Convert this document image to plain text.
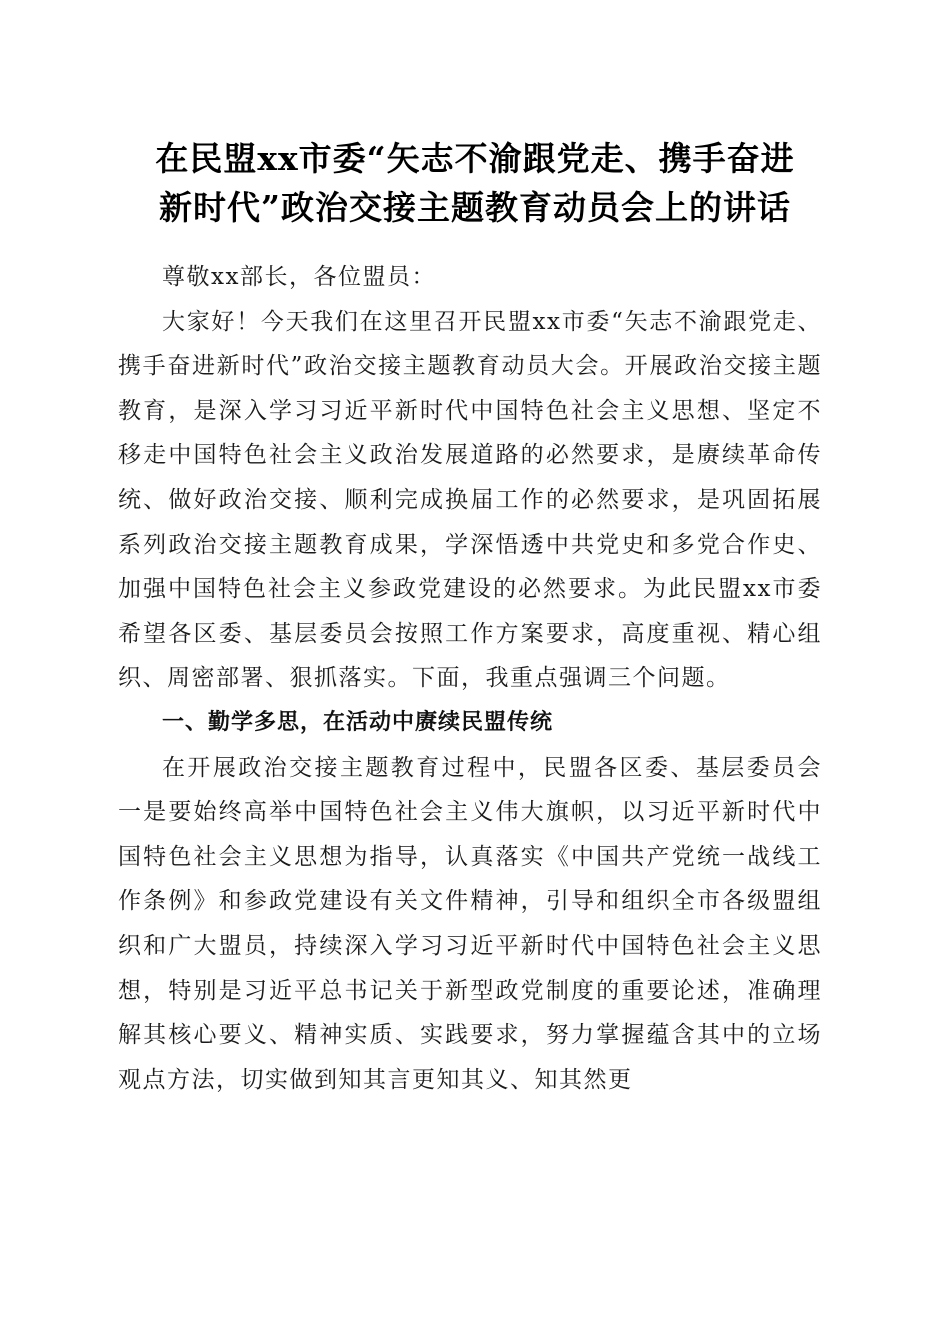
在民盟xx市委“矢志不渝跟党走、携手奋进
新时代”政治交接主题教育动员会上的讲话

尊敬xx部长，各位盟员：

大家好！今天我们在这里召开民盟xx市委“矢志不渝跟党走、携手奋进新时代”政治交接主题教育动员大会。开展政治交接主题教育，是深入学习习近平新时代中国特色社会主义思想、坚定不移走中国特色社会主义政治发展道路的必然要求，是赓续革命传统、做好政治交接、顺利完成换届工作的必然要求，是巩固拓展系列政治交接主题教育成果，学深悟透中共党史和多党合作史、加强中国特色社会主义参政党建设的必然要求。为此民盟xx市委希望各区委、基层委员会按照工作方案要求，高度重视、精心组织、周密部署、狠抓落实。下面，我重点强调三个问题。

一、勤学多思，在活动中赓续民盟传统

在开展政治交接主题教育过程中，民盟各区委、基层委员会一是要始终高举中国特色社会主义伟大旗帜，以习近平新时代中国特色社会主义思想为指导，认真落实《中国共产党统一战线工作条例》和参政党建设有关文件精神，引导和组织全市各级盟组织和广大盟员，持续深入学习习近平新时代中国特色社会主义思想，特别是习近平总书记关于新型政党制度的重要论述，准确理解其核心要义、精神实质、实践要求，努力掌握蕴含其中的立场观点方法，切实做到知其言更知其义、知其然更
